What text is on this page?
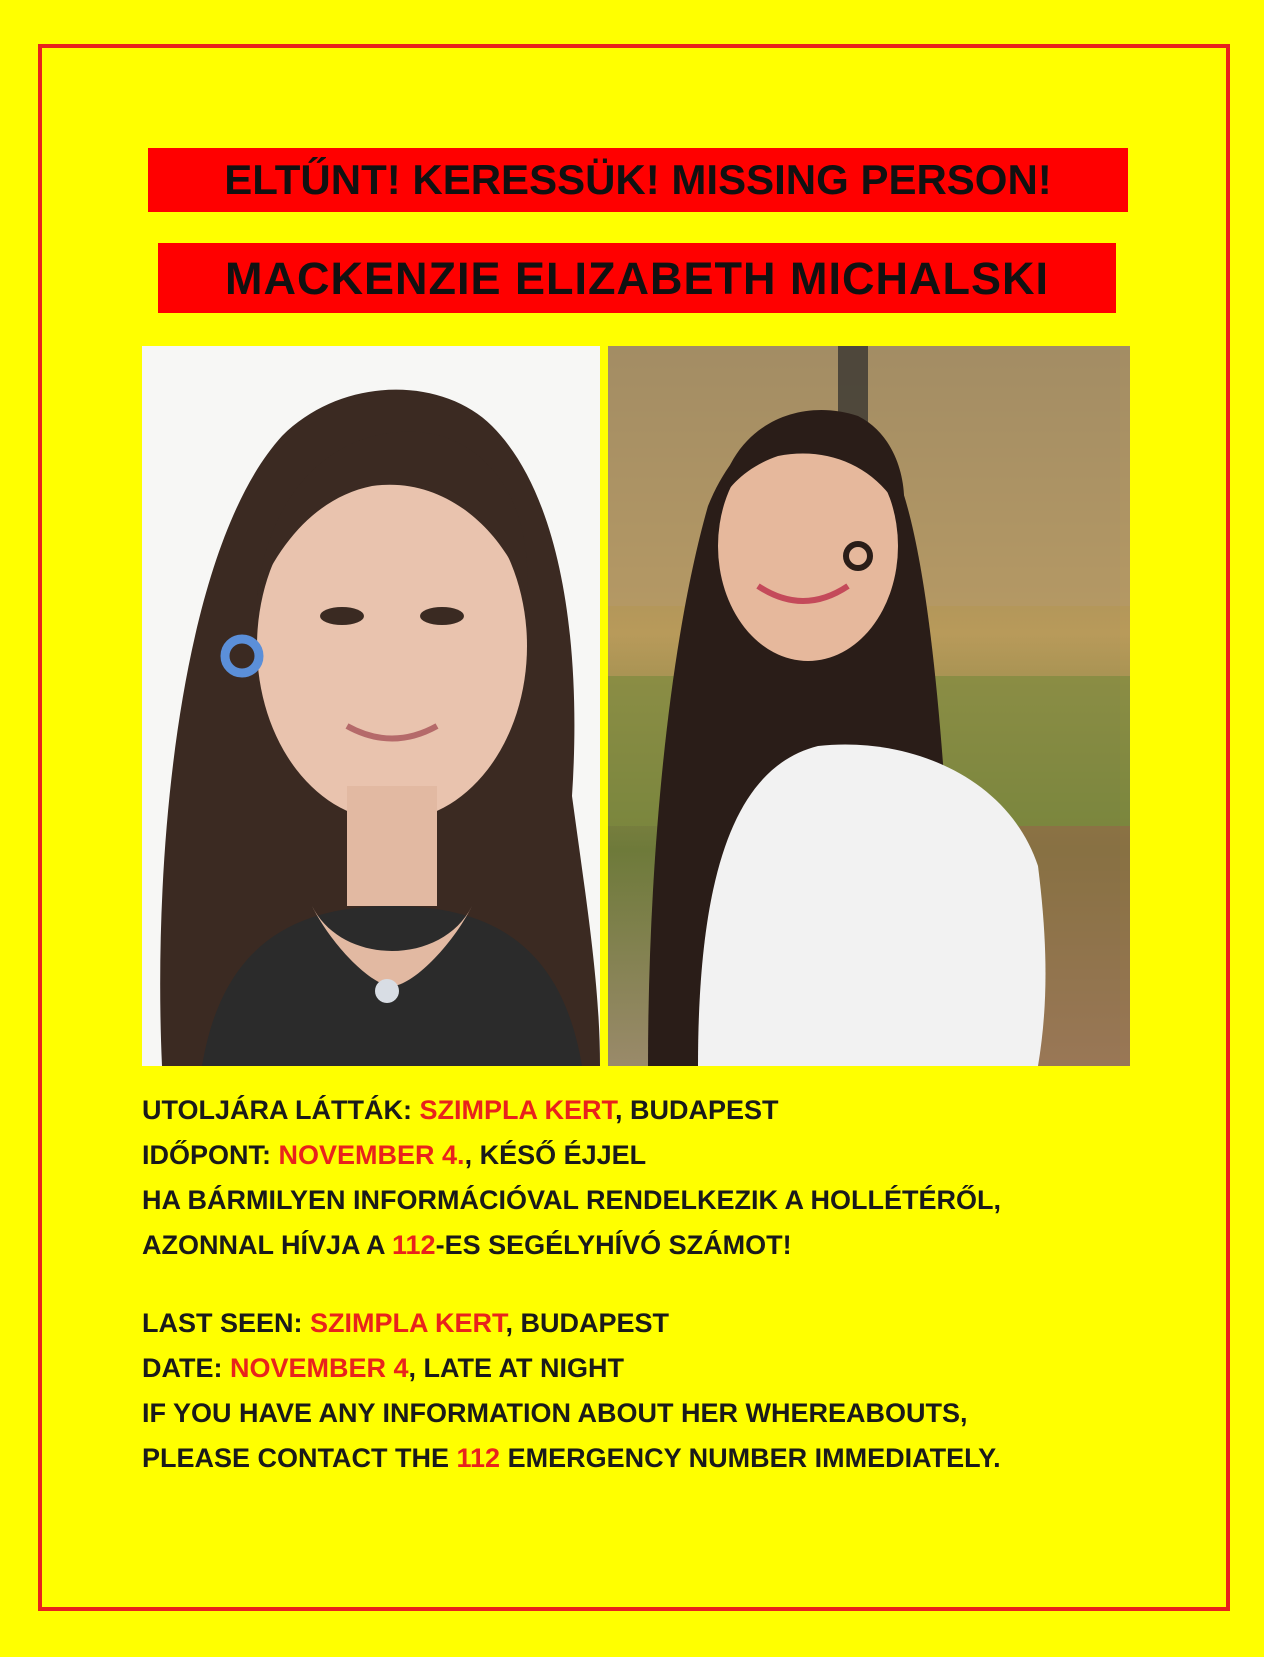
ELTŰNT! KERESSÜK! MISSING PERSON!
MACKENZIE ELIZABETH MICHALSKI
UTOLJÁRA LÁTTÁK: SZIMPLA KERT, BUDAPEST
IDŐPONT: NOVEMBER 4., KÉSŐ ÉJJEL
HA BÁRMILYEN INFORMÁCIÓVAL RENDELKEZIK A HOLLÉTÉRŐL,
AZONNAL HÍVJA A 112-ES SEGÉLYHÍVÓ SZÁMOT!
LAST SEEN: SZIMPLA KERT, BUDAPEST
DATE: NOVEMBER 4, LATE AT NIGHT
IF YOU HAVE ANY INFORMATION ABOUT HER WHEREABOUTS,
PLEASE CONTACT THE 112 EMERGENCY NUMBER IMMEDIATELY.
